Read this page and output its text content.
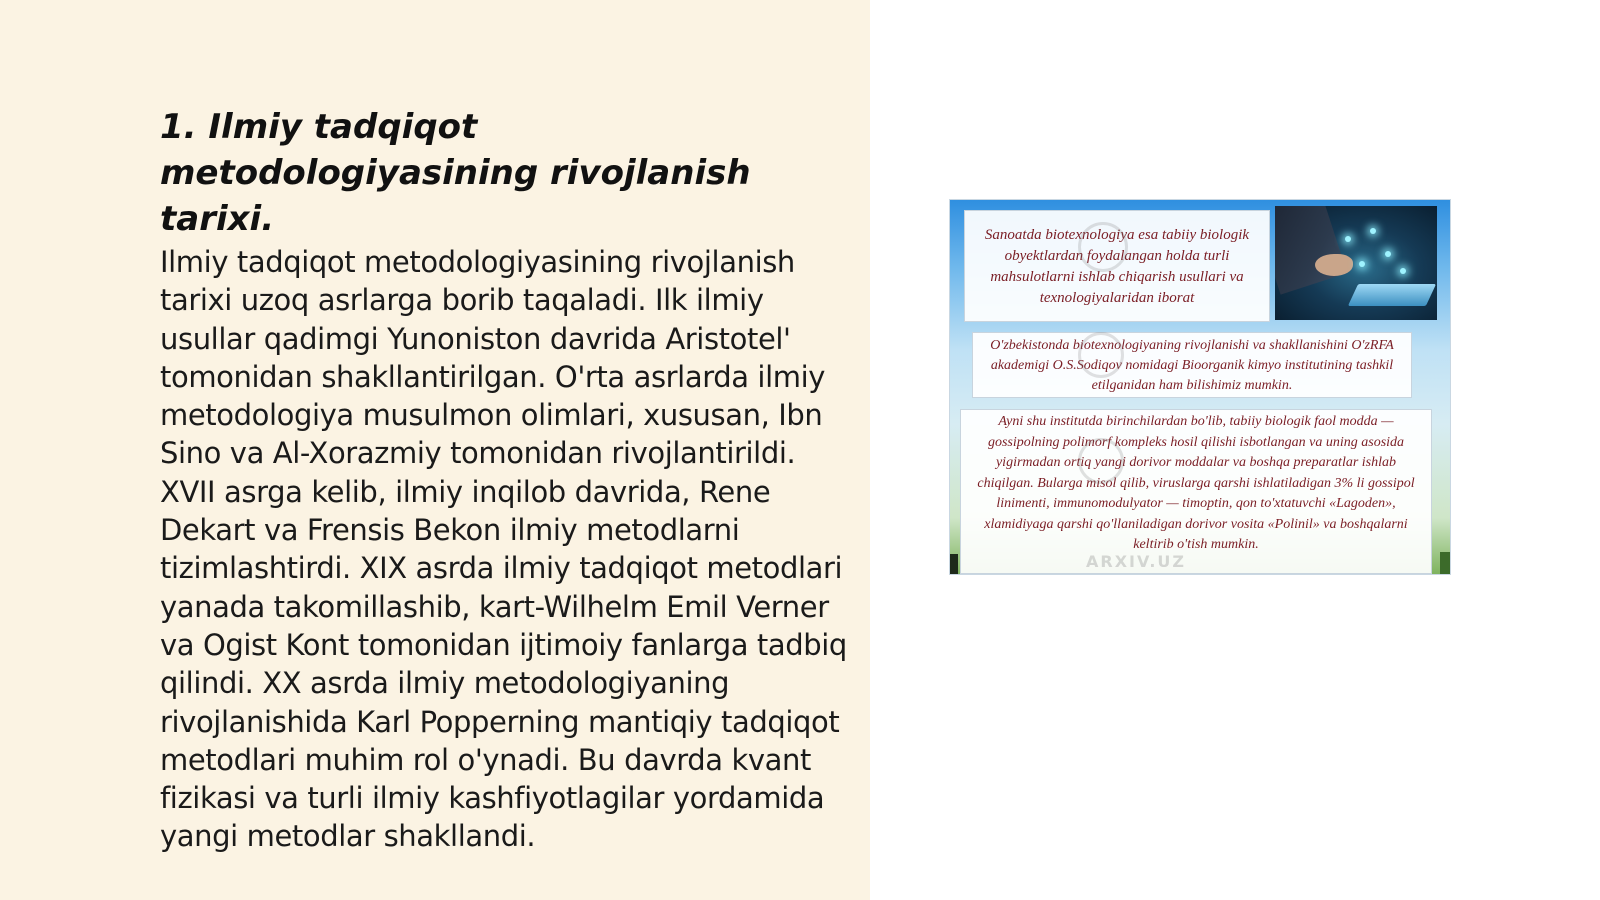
1. Ilmiy tadqiqot metodologiyasining rivojlanish tarixi.

Ilmiy tadqiqot metodologiyasining rivojlanish tarixi uzoq asrlarga borib taqaladi. Ilk ilmiy usullar qadimgi Yunoniston davrida Aristotel' tomonidan shakllantirilgan. O'rta asrlarda ilmiy metodologiya musulmon olimlari, xususan, Ibn Sino va Al-Xorazmiy tomonidan rivojlantirildi. XVII asrga kelib, ilmiy inqilob davrida, Rene Dekart va Frensis Bekon ilmiy metodlarni tizimlashtirdi. XIX asrda ilmiy tadqiqot metodlari yanada takomillashib, kart-Wilhelm Emil Verner va Ogist Kont tomonidan ijtimoiy fanlarga tadbiq qilindi. XX asrda ilmiy metodologiyaning rivojlanishida Karl Popperning mantiqiy tadqiqot metodlari muhim rol o'ynadi. Bu davrda kvant fizikasi va turli ilmiy kashfiyotlagilar yordamida yangi metodlar shakllandi.

Sanoatda biotexnologiya esa tabiiy biologik obyektlardan foydalangan holda turli mahsulotlarni ishlab chiqarish usullari va texnologiyalaridan iborat
O'zbekistonda biotexnologiyaning rivojlanishi va shakllanishini O'zRFA akademigi O.S.Sodiqov nomidagi Bioorganik kimyo institutining tashkil etilganidan ham bilishimiz mumkin.
Ayni shu institutda birinchilardan bo'lib, tabiiy biologik faol modda — gossipolning polimorf kompleks hosil qilishi isbotlangan va uning asosida yigirmadan ortiq yangi dorivor moddalar va boshqa preparatlar ishlab chiqilgan. Bularga misol qilib, viruslarga qarshi ishlatiladigan 3% li gossipol linimenti, immunomodulyator — timoptin, qon to'xtatuvchi «Lagoden», xlamidiyaga qarshi qo'llaniladigan dorivor vosita «Polinil» va boshqalarni keltirib o'tish mumkin.
ARXIV.UZ
